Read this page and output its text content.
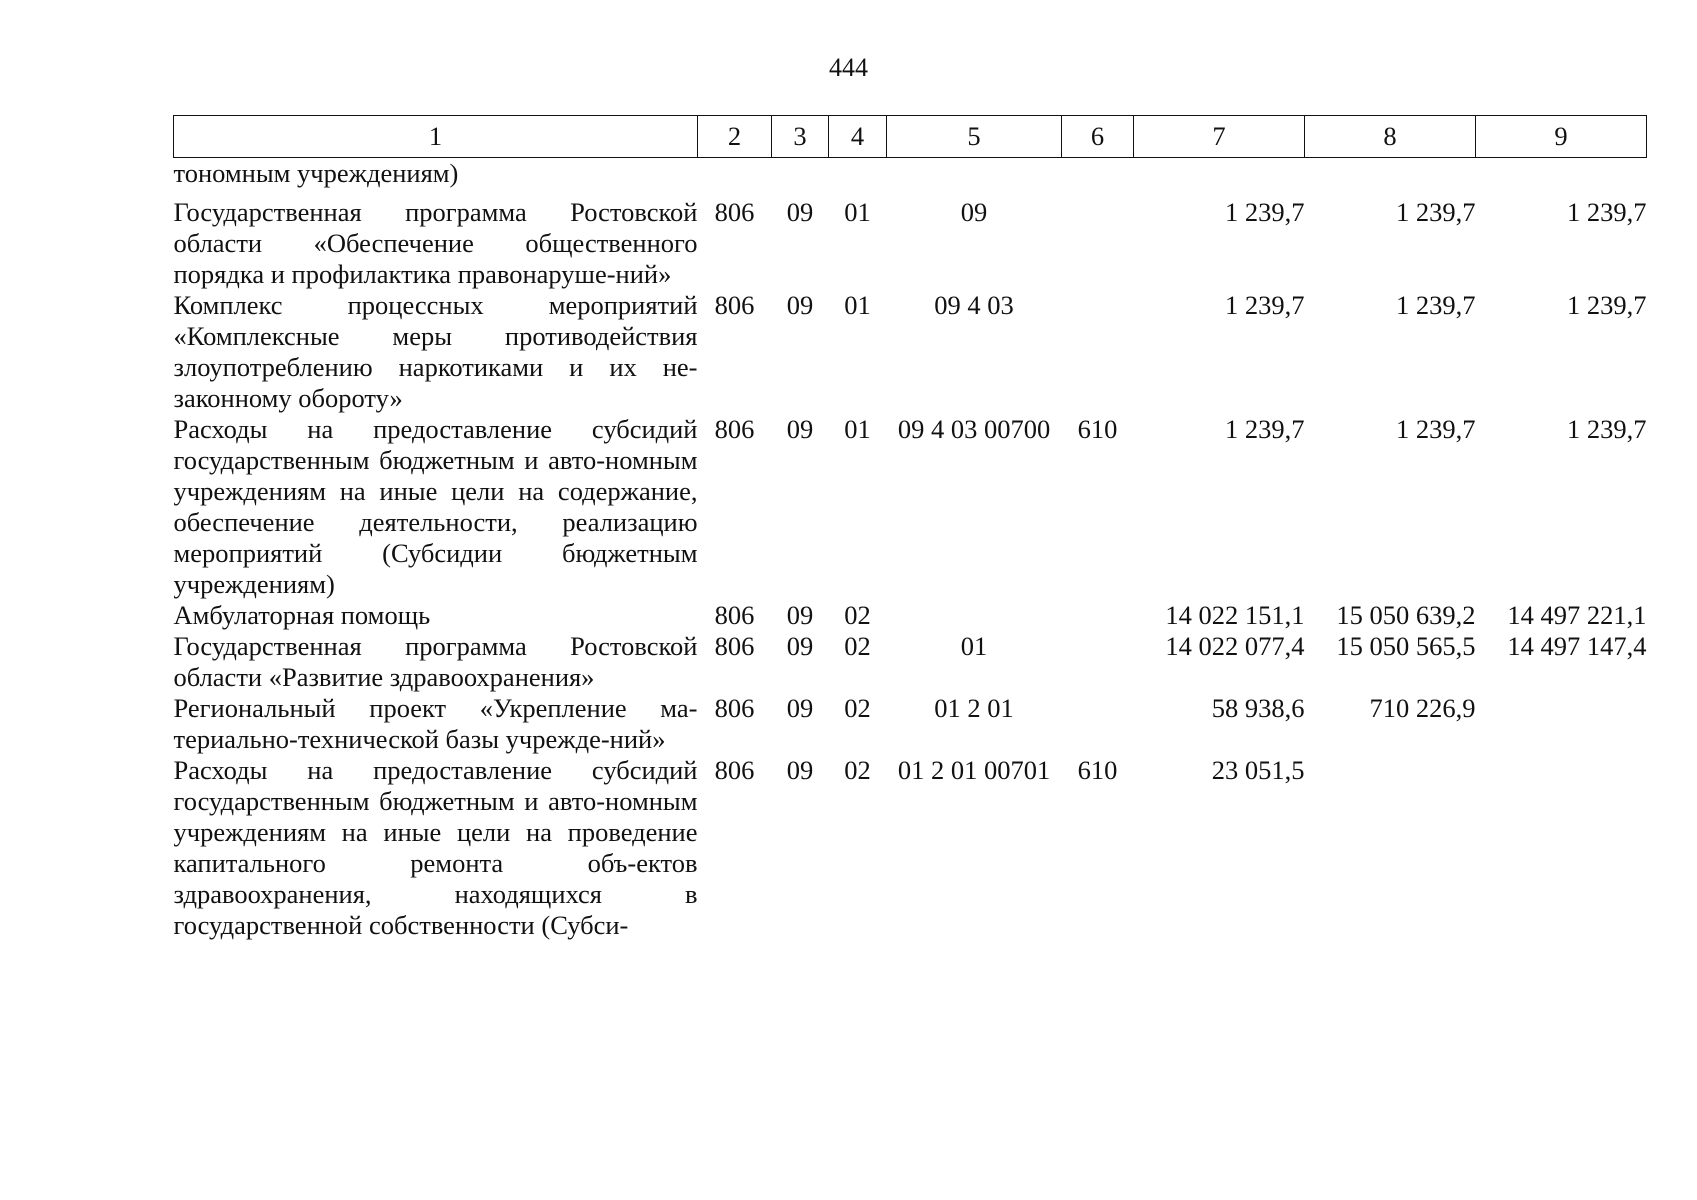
444
1	2	3	4	5	6	7	8	9
тономным учреждениям)								
Государственная программа Ростовской области «Обеспечение общественного порядка и профилактика правонаруше-ний»	806	09	01	09		1 239,7	1 239,7	1 239,7
Комплекс процессных мероприятий «Комплексные меры противодействия злоупотреблению наркотиками и их не-законному обороту»	806	09	01	09 4 03		1 239,7	1 239,7	1 239,7
Расходы на предоставление субсидий государственным бюджетным и авто-номным учреждениям на иные цели на содержание, обеспечение деятельности, реализацию мероприятий (Субсидии бюджетным учреждениям)	806	09	01	09 4 03 00700	610	1 239,7	1 239,7	1 239,7
Амбулаторная помощь	806	09	02			14 022 151,1	15 050 639,2	14 497 221,1
Государственная программа Ростовской области «Развитие здравоохранения»	806	09	02	01		14 022 077,4	15 050 565,5	14 497 147,4
Региональный проект «Укрепление ма-териально-технической базы учрежде-ний»	806	09	02	01 2 01		58 938,6	710 226,9	
Расходы на предоставление субсидий государственным бюджетным и авто-номным учреждениям на иные цели на проведение капитального ремонта объ-ектов здравоохранения, находящихся в государственной собственности (Субси-	806	09	02	01 2 01 00701	610	23 051,5		
